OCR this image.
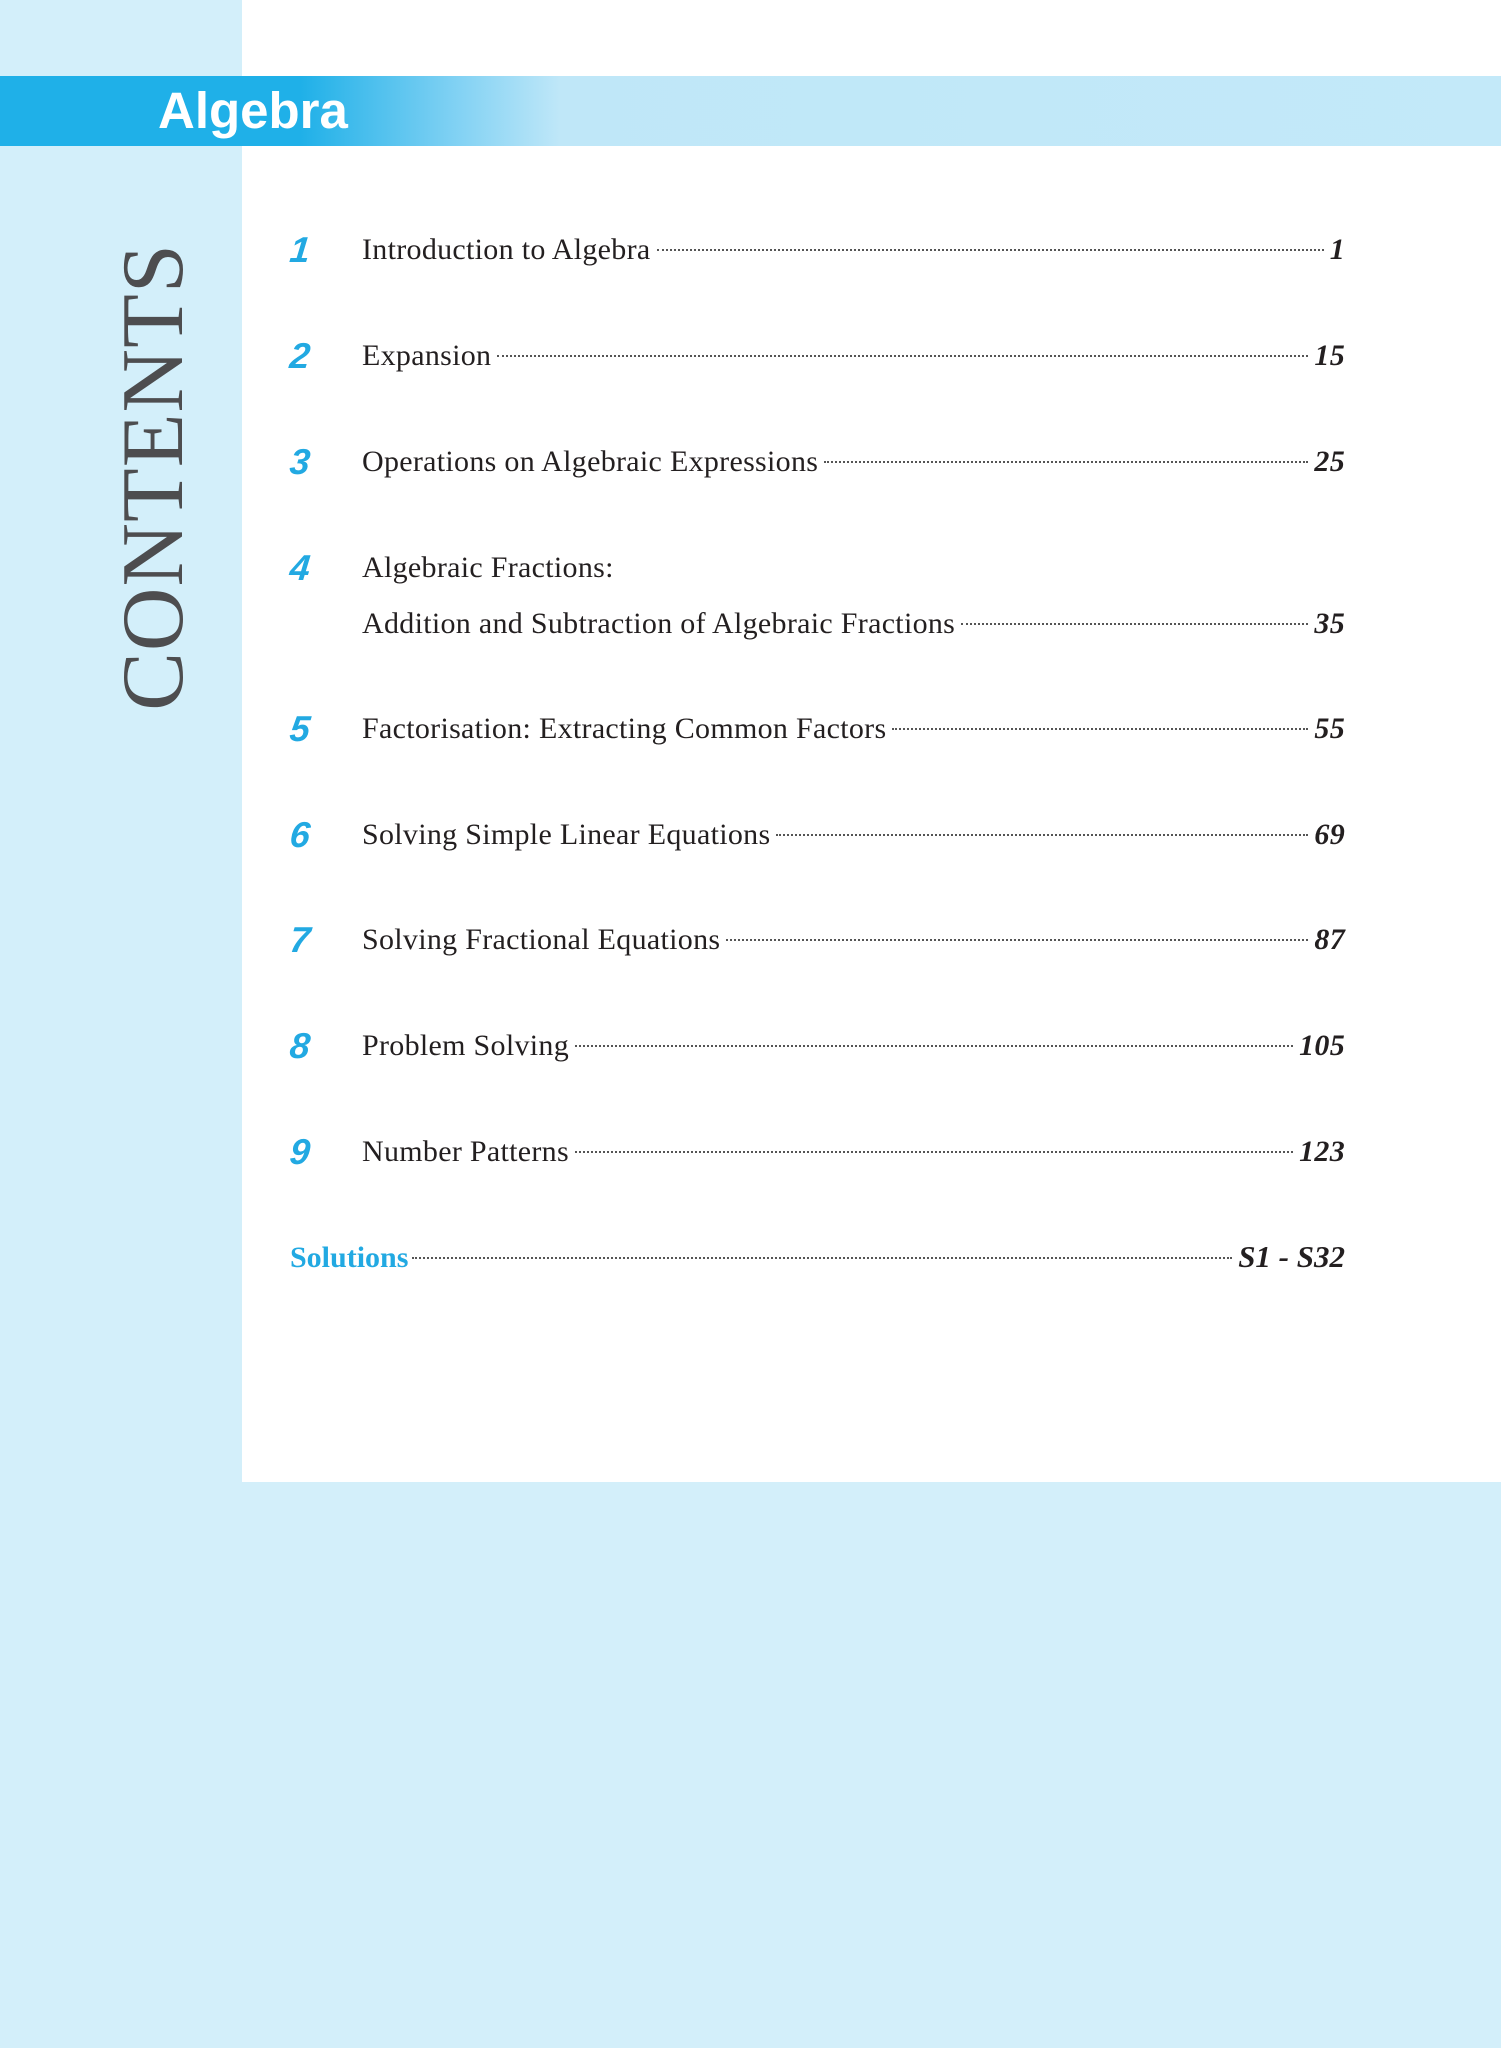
Algebra
CONTENTS 1	Introduction to Algebra	1
2	Expansion	15
3	Operations on Algebraic Expressions	25
4	Algebraic Fractions:
Addition and Subtraction of Algebraic Fractions	35
5	Factorisation: Extracting Common Factors	55
6	Solving Simple Linear Equations	69
7	Solving Fractional Equations	87
8	Problem Solving	105
9	Number Patterns	123
Solutions	S1 - S32
